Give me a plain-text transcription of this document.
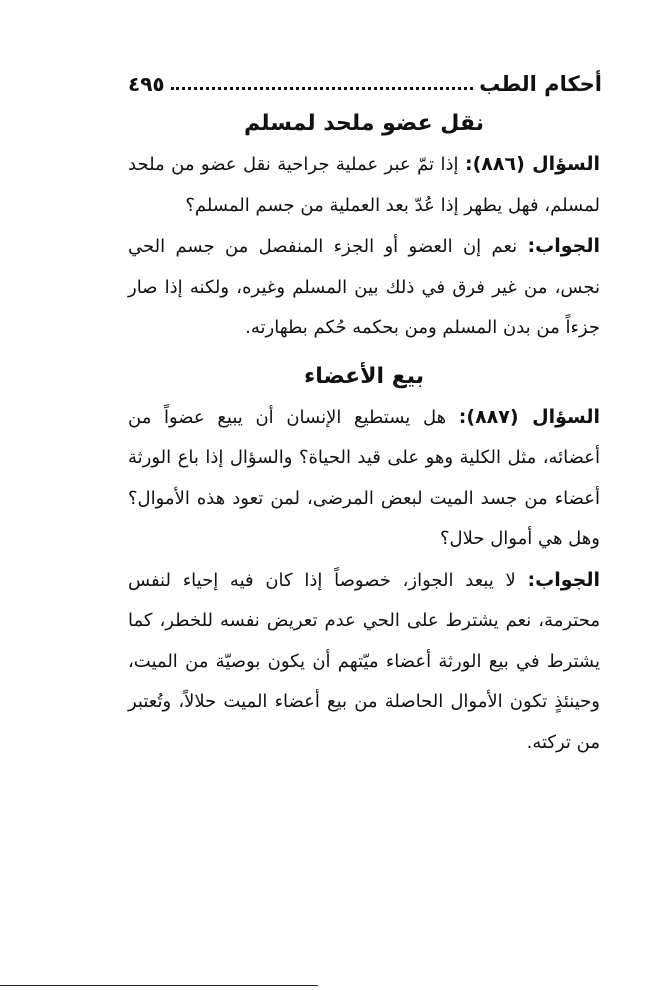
أحكام الطب
٤٩٥
نقل عضو ملحد لمسلم

السؤال (٨٨٦): إذا تمّ عبر عملية جراحية نقل عضو من ملحد لمسلم، فهل يطهر إذا عُدّ بعد العملية من جسم المسلم؟

الجواب: نعم إن العضو أو الجزء المنفصل من جسم الحي نجس، من غير فرق في ذلك بين المسلم وغيره، ولكنه إذا صار جزءاً من بدن المسلم ومن بحكمه حُكم بطهارته.

بيع الأعضاء

السؤال (٨٨٧): هل يستطيع الإنسان أن يبيع عضواً من أعضائه، مثل الكلية وهو على قيد الحياة؟ والسؤال إذا باع الورثة أعضاء من جسد الميت لبعض المرضى، لمن تعود هذه الأموال؟ وهل هي أموال حلال؟

الجواب: لا يبعد الجواز، خصوصاً إذا كان فيه إحياء لنفس محترمة، نعم يشترط على الحي عدم تعريض نفسه للخطر، كما يشترط في بيع الورثة أعضاء ميّتهم أن يكون بوصيّة من الميت، وحينئذٍ تكون الأموال الحاصلة من بيع أعضاء الميت حلالاً، وتُعتبر من تركته.
